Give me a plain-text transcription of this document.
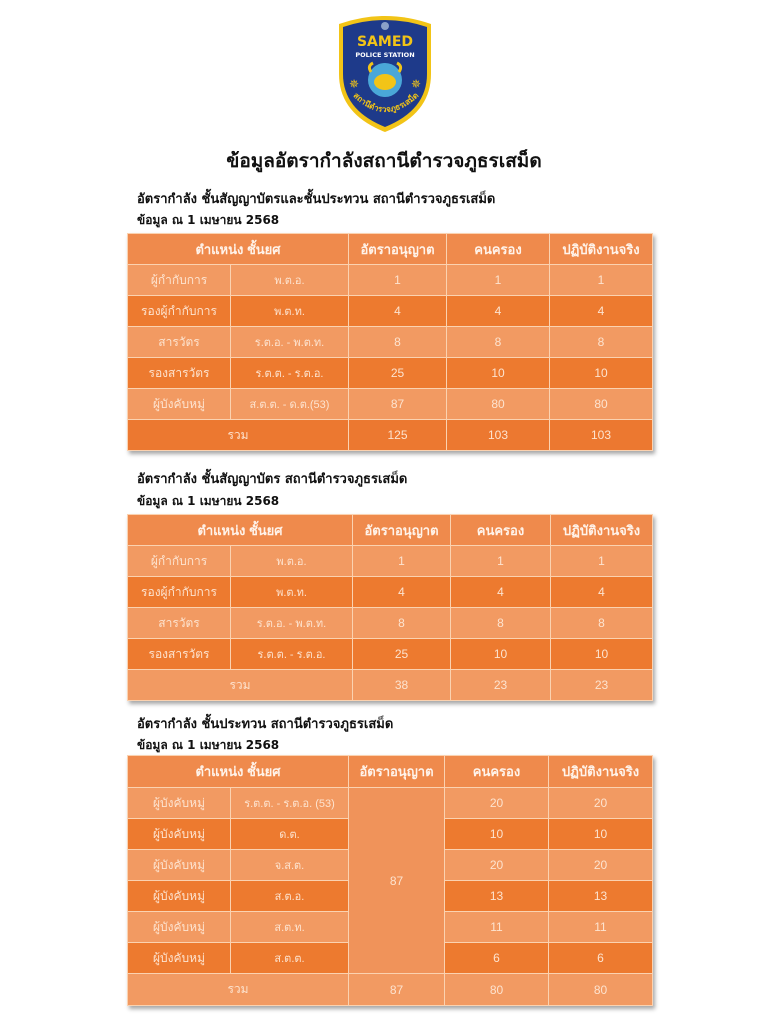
SAMED
POLICE STATION
✵	✵
สถานีตำรวจภูธรเสม็ด
ข้อมูลอัตรากำลังสถานีตำรวจภูธรเสม็ด
อัตรากำลัง ชั้นสัญญาบัตรและชั้นประทวน สถานีตำรวจภูธรเสม็ด
ข้อมูล ณ 1 เมษายน 2568
ตำแหน่ง ชั้นยศ		อัตราอนุญาต	คนครอง	ปฏิบัติงานจริง
ผู้กำกับการ	พ.ต.อ.	1	1	1
รองผู้กำกับการ	พ.ต.ท.	4	4	4
สารวัตร	ร.ต.อ. - พ.ต.ท.	8	8	8
รองสารวัตร	ร.ต.ต. - ร.ต.อ.	25	10	10
ผู้บังคับหมู่	ส.ต.ต. - ด.ต.(53)	87	80	80
รวม		125	103	103
อัตรากำลัง ชั้นสัญญาบัตร สถานีตำรวจภูธรเสม็ด
ข้อมูล ณ 1 เมษายน 2568
ตำแหน่ง ชั้นยศ		อัตราอนุญาต	คนครอง	ปฏิบัติงานจริง
ผู้กำกับการ	พ.ต.อ.	1	1	1
รองผู้กำกับการ	พ.ต.ท.	4	4	4
สารวัตร	ร.ต.อ. - พ.ต.ท.	8	8	8
รองสารวัตร	ร.ต.ต. - ร.ต.อ.	25	10	10
รวม		38	23	23
อัตรากำลัง ชั้นประทวน สถานีตำรวจภูธรเสม็ด
ข้อมูล ณ 1 เมษายน 2568
ตำแหน่ง ชั้นยศ		อัตราอนุญาต	คนครอง	ปฏิบัติงานจริง
ผู้บังคับหมู่	ร.ต.ต. - ร.ต.อ. (53)	87	20	20
ผู้บังคับหมู่	ด.ต.		10	10
ผู้บังคับหมู่	จ.ส.ต.		20	20
ผู้บังคับหมู่	ส.ต.อ.		13	13
ผู้บังคับหมู่	ส.ต.ท.		11	11
ผู้บังคับหมู่	ส.ต.ต.		6	6
รวม		87	80	80
